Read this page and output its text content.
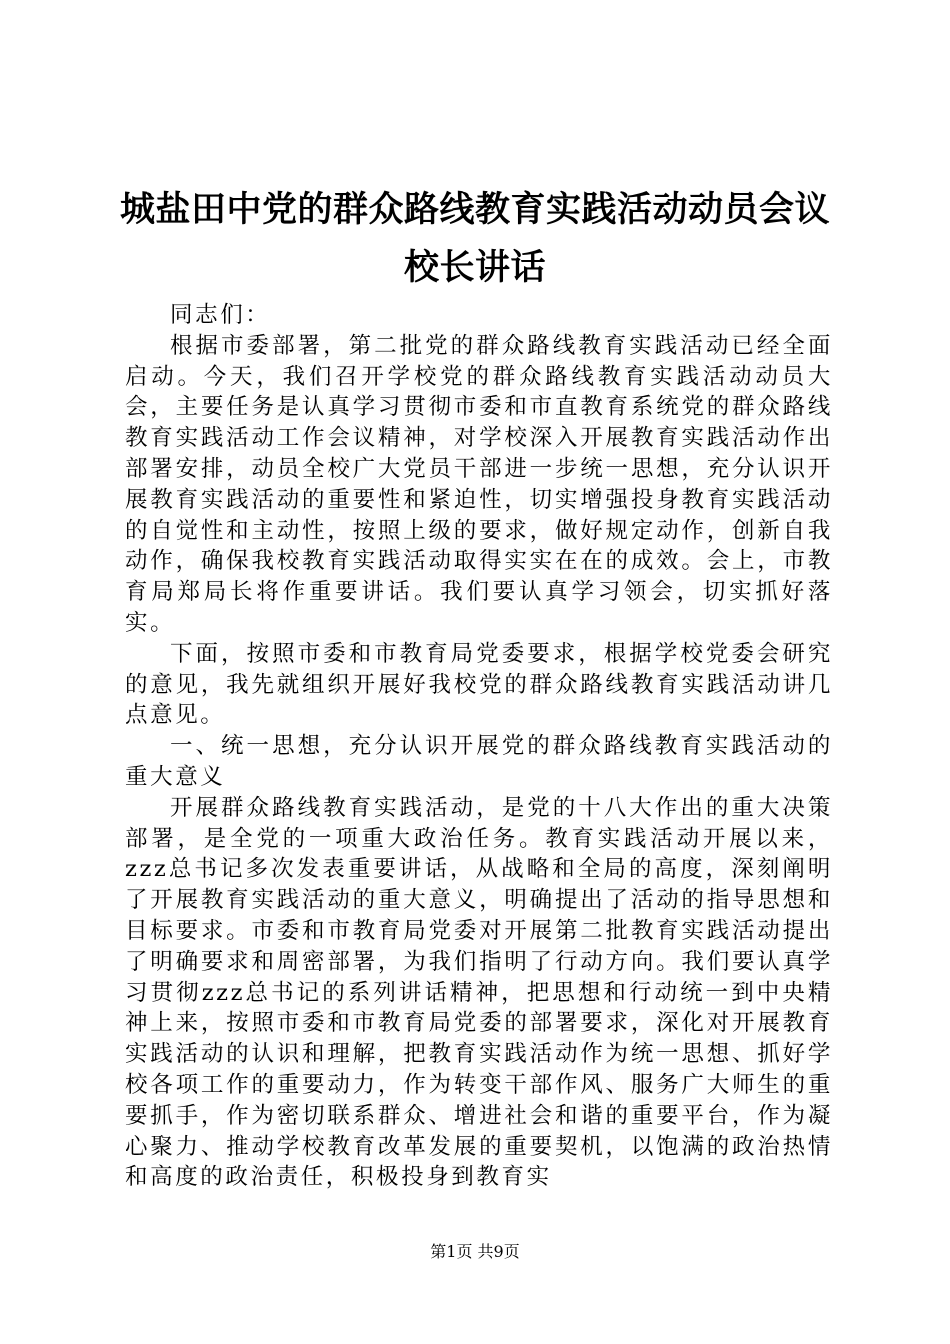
城盐田中党的群众路线教育实践活动动员会议
校长讲话

同志们：

根据市委部署，第二批党的群众路线教育实践活动已经全面启动。今天，我们召开学校党的群众路线教育实践活动动员大会，主要任务是认真学习贯彻市委和市直教育系统党的群众路线教育实践活动工作会议精神，对学校深入开展教育实践活动作出部署安排，动员全校广大党员干部进一步统一思想，充分认识开展教育实践活动的重要性和紧迫性，切实增强投身教育实践活动的自觉性和主动性，按照上级的要求，做好规定动作，创新自我动作，确保我校教育实践活动取得实实在在的成效。会上，市教育局郑局长将作重要讲话。我们要认真学习领会，切实抓好落实。

下面，按照市委和市教育局党委要求，根据学校党委会研究的意见，我先就组织开展好我校党的群众路线教育实践活动讲几点意见。

一、统一思想，充分认识开展党的群众路线教育实践活动的重大意义

开展群众路线教育实践活动，是党的十八大作出的重大决策部署，是全党的一项重大政治任务。教育实践活动开展以来，zzz总书记多次发表重要讲话，从战略和全局的高度，深刻阐明了开展教育实践活动的重大意义，明确提出了活动的指导思想和目标要求。市委和市教育局党委对开展第二批教育实践活动提出了明确要求和周密部署，为我们指明了行动方向。我们要认真学习贯彻zzz总书记的系列讲话精神，把思想和行动统一到中央精神上来，按照市委和市教育局党委的部署要求，深化对开展教育实践活动的认识和理解，把教育实践活动作为统一思想、抓好学校各项工作的重要动力，作为转变干部作风、服务广大师生的重要抓手，作为密切联系群众、增进社会和谐的重要平台，作为凝心聚力、推动学校教育改革发展的重要契机，以饱满的政治热情和高度的政治责任，积极投身到教育实

第1页 共9页
